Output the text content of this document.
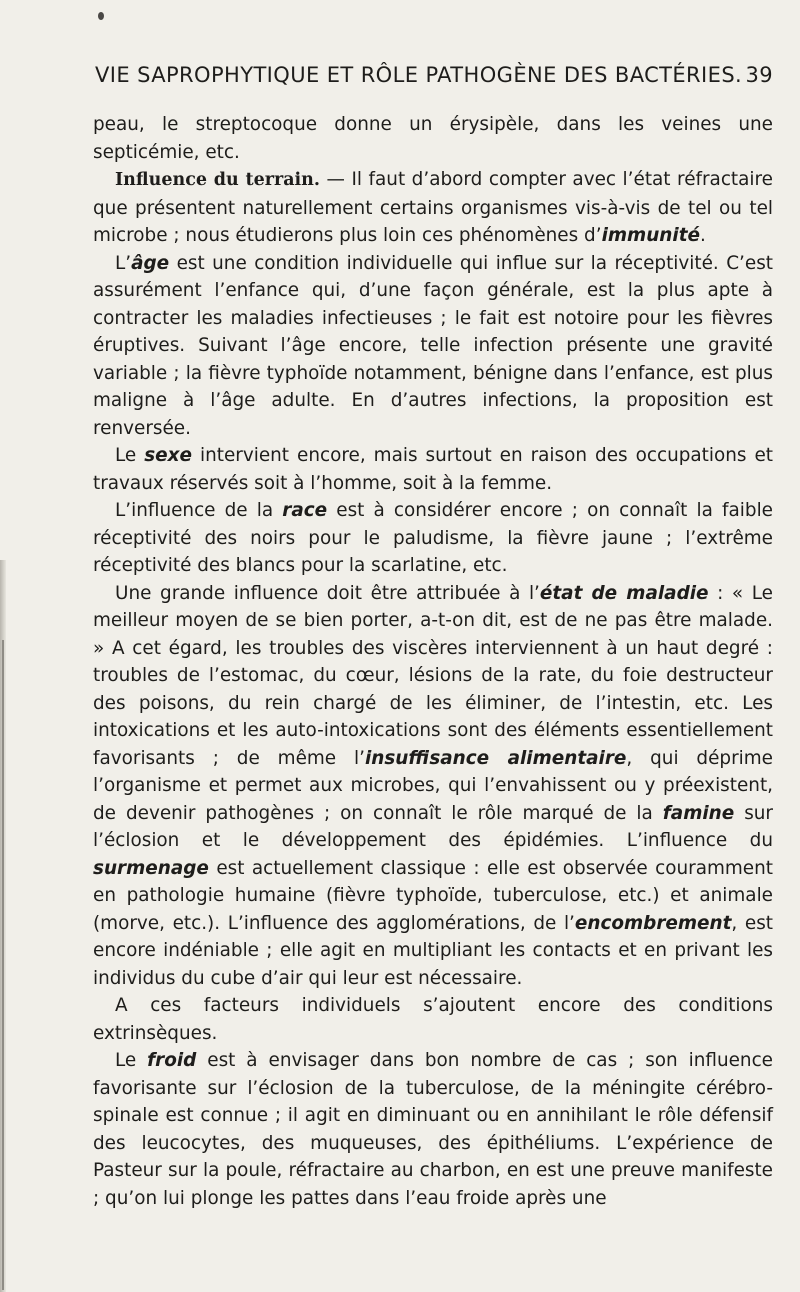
VIE SAPROPHYTIQUE ET RÔLE PATHOGÈNE DES BACTÉRIES. 39

peau, le streptocoque donne un érysipèle, dans les veines une septicémie, etc.

Influence du terrain. — Il faut d’abord compter avec l’état réfractaire que présentent naturellement certains organismes vis-à-vis de tel ou tel microbe ; nous étudierons plus loin ces phénomènes d’immunité.

L’âge est une condition individuelle qui influe sur la réceptivité. C’est assurément l’enfance qui, d’une façon générale, est la plus apte à contracter les maladies infectieuses ; le fait est notoire pour les fièvres éruptives. Suivant l’âge encore, telle infection présente une gravité variable ; la fièvre typhoïde notamment, bénigne dans l’enfance, est plus maligne à l’âge adulte. En d’autres infections, la proposition est renversée.

Le sexe intervient encore, mais surtout en raison des occupations et travaux réservés soit à l’homme, soit à la femme.

L’influence de la race est à considérer encore ; on connaît la faible réceptivité des noirs pour le paludisme, la fièvre jaune ; l’extrême réceptivité des blancs pour la scarlatine, etc.

Une grande influence doit être attribuée à l’état de maladie : « Le meilleur moyen de se bien porter, a-t-on dit, est de ne pas être malade. » A cet égard, les troubles des viscères interviennent à un haut degré : troubles de l’estomac, du cœur, lésions de la rate, du foie destructeur des poisons, du rein chargé de les éliminer, de l’intestin, etc. Les intoxications et les auto-intoxications sont des éléments essentiellement favorisants ; de même l’insuffisance alimentaire, qui déprime l’organisme et permet aux microbes, qui l’envahissent ou y préexistent, de devenir pathogènes ; on connaît le rôle marqué de la famine sur l’éclosion et le développement des épidémies. L’influence du surmenage est actuellement classique : elle est observée couramment en pathologie humaine (fièvre typhoïde, tuberculose, etc.) et animale (morve, etc.). L’influence des agglomérations, de l’encombrement, est encore indéniable ; elle agit en multipliant les contacts et en privant les individus du cube d’air qui leur est nécessaire.

A ces facteurs individuels s’ajoutent encore des conditions extrinsèques.

Le froid est à envisager dans bon nombre de cas ; son influence favorisante sur l’éclosion de la tuberculose, de la méningite cérébro-spinale est connue ; il agit en diminuant ou en annihilant le rôle défensif des leucocytes, des muqueuses, des épithéliums. L’expérience de Pasteur sur la poule, réfractaire au charbon, en est une preuve manifeste ; qu’on lui plonge les pattes dans l’eau froide après une
